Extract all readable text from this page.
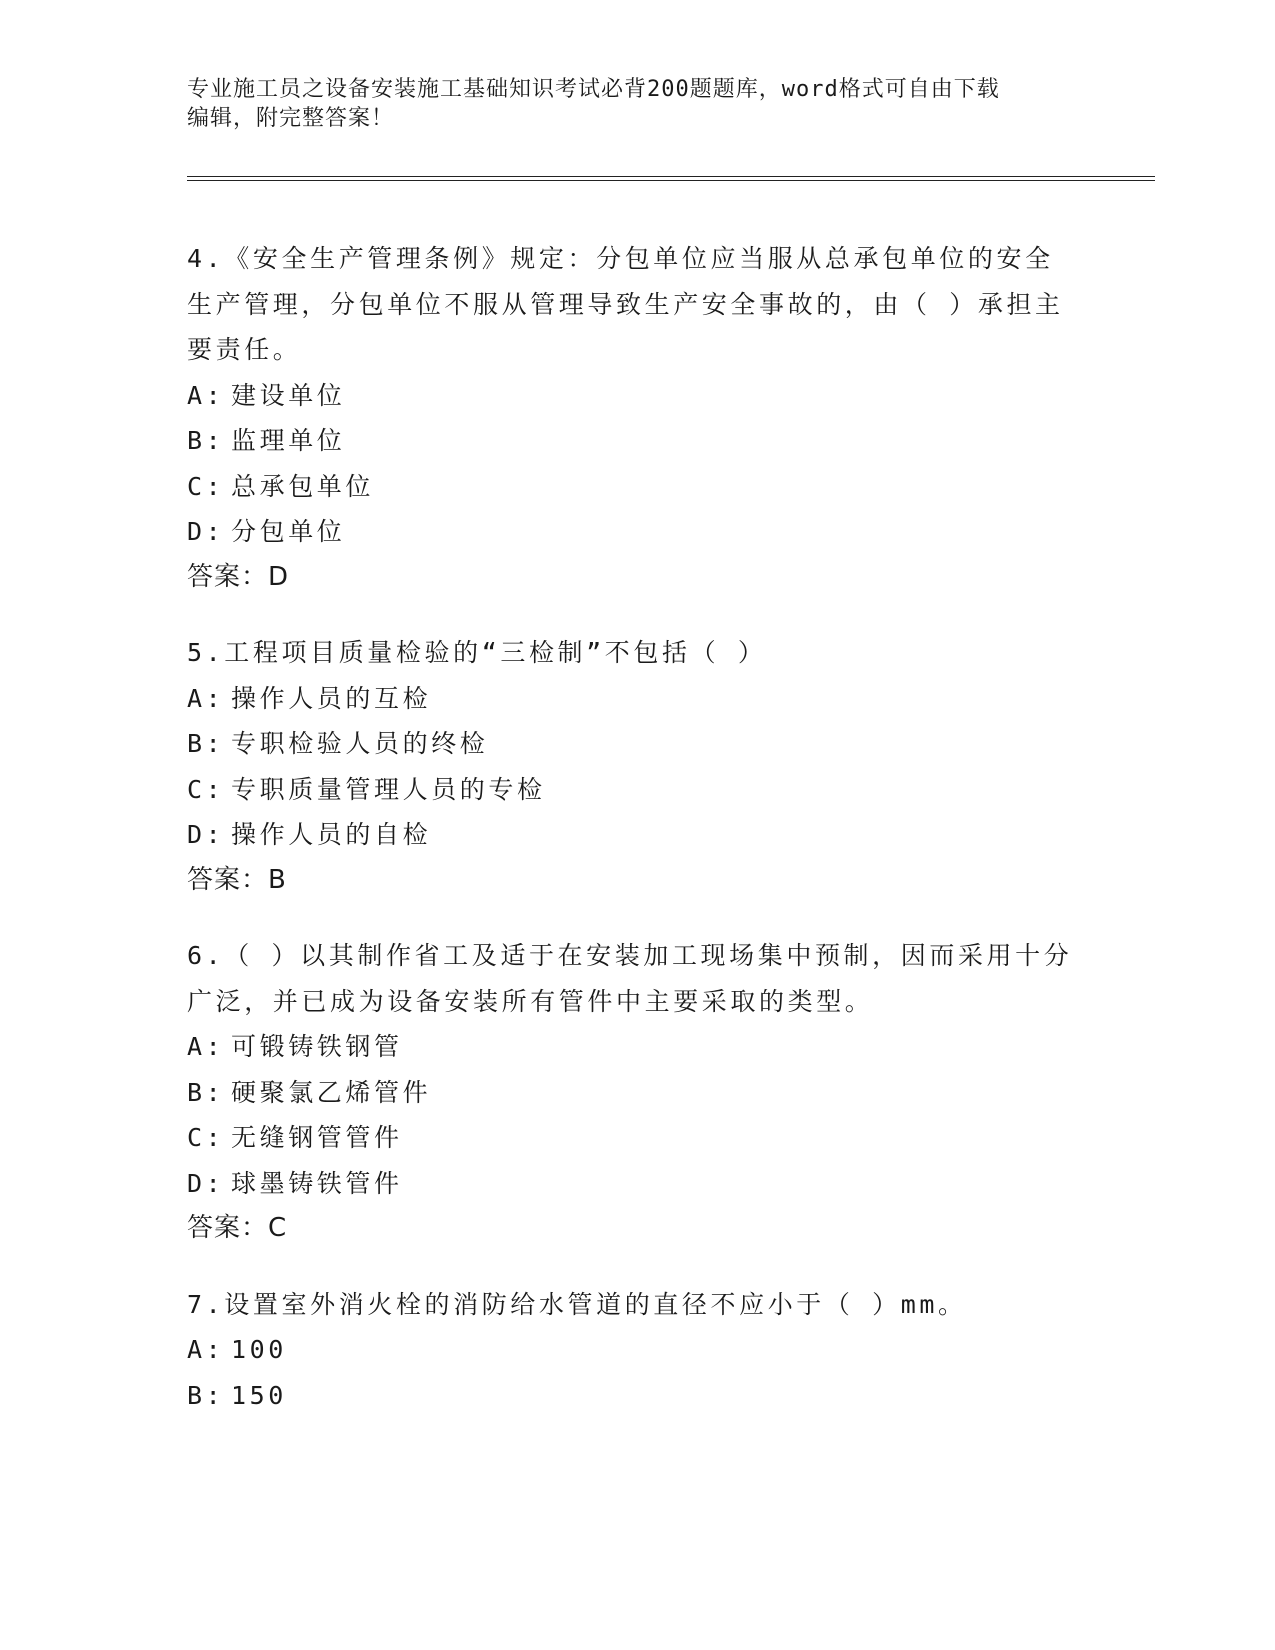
专业施工员之设备安装施工基础知识考试必背200题题库，word格式可自由下载
编辑，附完整答案！
4.《安全生产管理条例》规定：分包单位应当服从总承包单位的安全
生产管理，分包单位不服从管理导致生产安全事故的，由（ ）承担主
要责任。
A: 建设单位
B: 监理单位
C: 总承包单位
D: 分包单位
答案：D
5.工程项目质量检验的“三检制”不包括（ ）
A: 操作人员的互检
B: 专职检验人员的终检
C: 专职质量管理人员的专检
D: 操作人员的自检
答案：B
6.（ ）以其制作省工及适于在安装加工现场集中预制，因而采用十分
广泛，并已成为设备安装所有管件中主要采取的类型。
A: 可锻铸铁钢管
B: 硬聚氯乙烯管件
C: 无缝钢管管件
D: 球墨铸铁管件
答案：C
7.设置室外消火栓的消防给水管道的直径不应小于（ ）mm。
A: 100
B: 150
